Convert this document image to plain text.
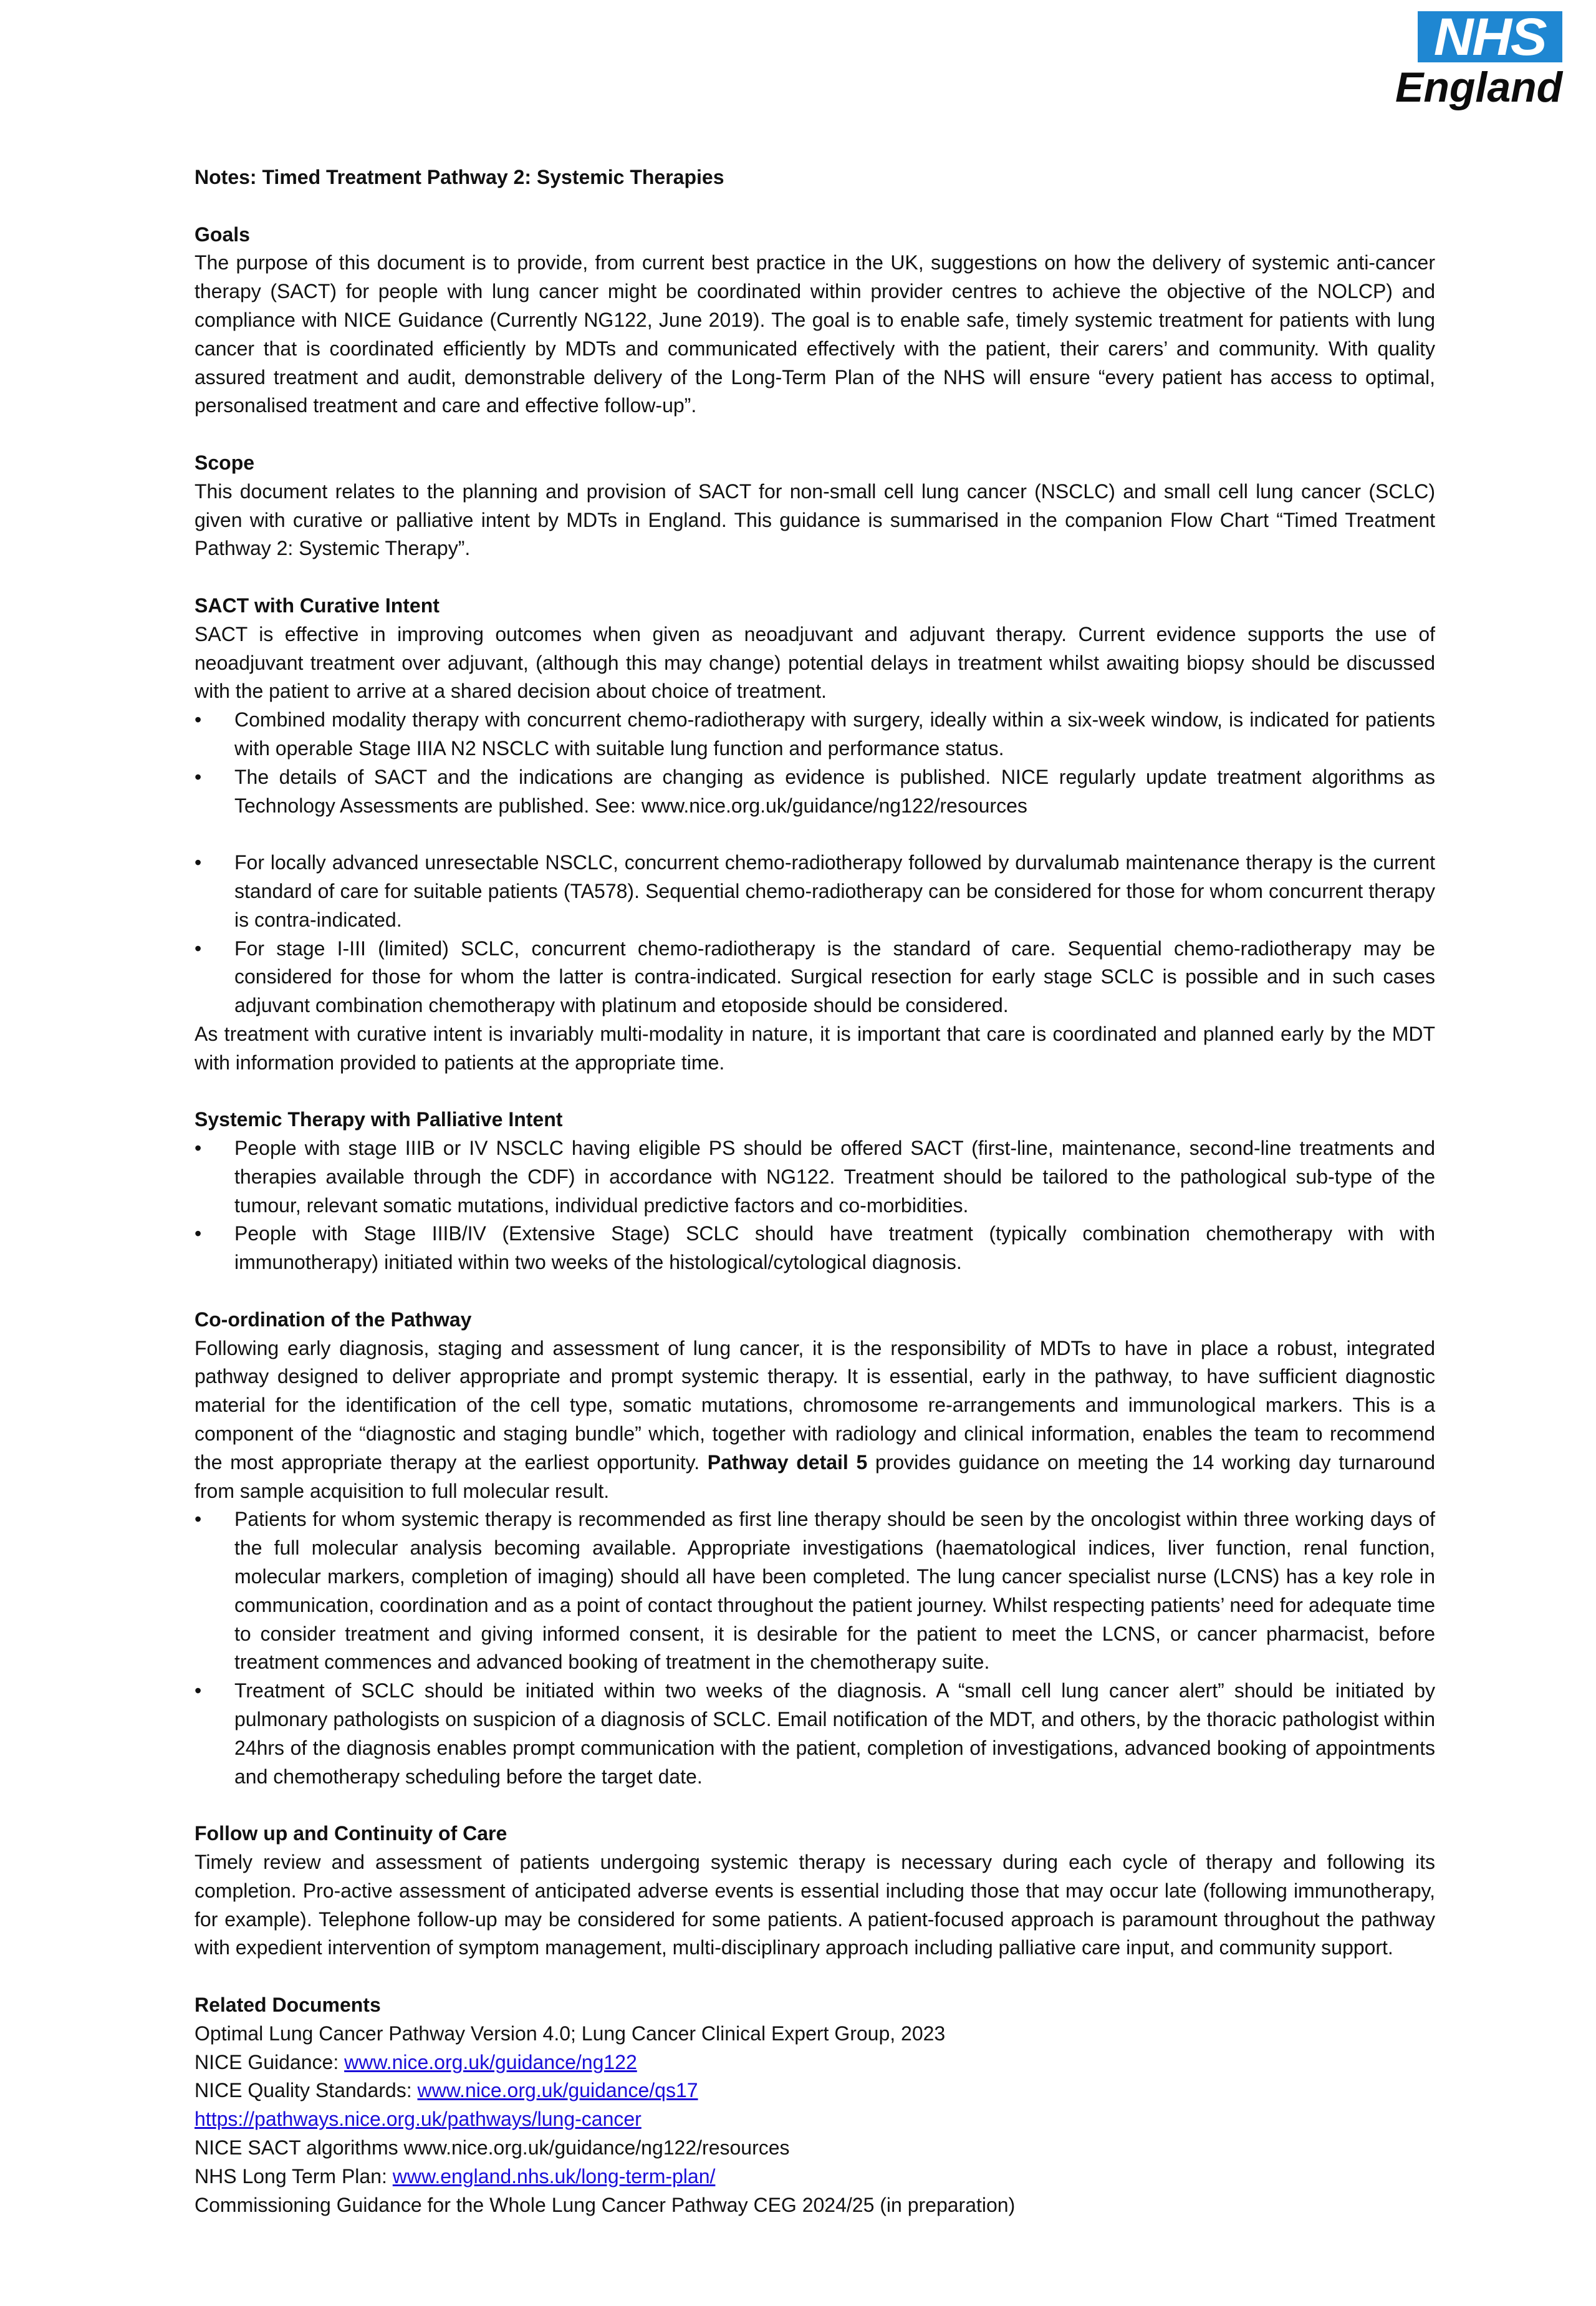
NHS
England
Notes: Timed Treatment Pathway 2: Systemic Therapies
Goals

The purpose of this document is to provide, from current best practice in the UK, suggestions on how the delivery of systemic anti-cancer therapy (SACT) for people with lung cancer might be coordinated within provider centres to achieve the objective of the NOLCP) and compliance with NICE Guidance (Currently NG122, June 2019). The goal is to enable safe, timely systemic treatment for patients with lung cancer that is coordinated efficiently by MDTs and communicated effectively with the patient, their carers’ and community. With quality assured treatment and audit, demonstrable delivery of the Long-Term Plan of the NHS will ensure “every patient has access to optimal, personalised treatment and care and effective follow-up”.

Scope

This document relates to the planning and provision of SACT for non-small cell lung cancer (NSCLC) and small cell lung cancer (SCLC) given with curative or palliative intent by MDTs in England. This guidance is summarised in the companion Flow Chart “Timed Treatment Pathway 2: Systemic Therapy”.

SACT with Curative Intent

SACT is effective in improving outcomes when given as neoadjuvant and adjuvant therapy. Current evidence supports the use of neoadjuvant treatment over adjuvant, (although this may change) potential delays in treatment whilst awaiting biopsy should be discussed with the patient to arrive at a shared decision about choice of treatment.

• Combined modality therapy with concurrent chemo-radiotherapy with surgery, ideally within a six-week window, is indicated for patients with operable Stage IIIA N2 NSCLC with suitable lung function and performance status.
• The details of SACT and the indications are changing as evidence is published. NICE regularly update treatment algorithms as Technology Assessments are published. See: www.nice.org.uk/guidance/ng122/resources
• For locally advanced unresectable NSCLC, concurrent chemo-radiotherapy followed by durvalumab maintenance therapy is the current standard of care for suitable patients (TA578). Sequential chemo-radiotherapy can be considered for those for whom concurrent therapy is contra-indicated.
• For stage I-III (limited) SCLC, concurrent chemo-radiotherapy is the standard of care. Sequential chemo-radiotherapy may be considered for those for whom the latter is contra-indicated. Surgical resection for early stage SCLC is possible and in such cases adjuvant combination chemotherapy with platinum and etoposide should be considered.

As treatment with curative intent is invariably multi-modality in nature, it is important that care is coordinated and planned early by the MDT with information provided to patients at the appropriate time.

Systemic Therapy with Palliative Intent
• People with stage IIIB or IV NSCLC having eligible PS should be offered SACT (first-line, maintenance, second-line treatments and therapies available through the CDF) in accordance with NG122. Treatment should be tailored to the pathological sub-type of the tumour, relevant somatic mutations, individual predictive factors and co-morbidities.
• People with Stage IIIB/IV (Extensive Stage) SCLC should have treatment (typically combination chemotherapy with with immunotherapy) initiated within two weeks of the histological/cytological diagnosis.
Co-ordination of the Pathway

Following early diagnosis, staging and assessment of lung cancer, it is the responsibility of MDTs to have in place a robust, integrated pathway designed to deliver appropriate and prompt systemic therapy. It is essential, early in the pathway, to have sufficient diagnostic material for the identification of the cell type, somatic mutations, chromosome re-arrangements and immunological markers. This is a component of the “diagnostic and staging bundle” which, together with radiology and clinical information, enables the team to recommend the most appropriate therapy at the earliest opportunity. Pathway detail 5 provides guidance on meeting the 14 working day turnaround from sample acquisition to full molecular result.

• Patients for whom systemic therapy is recommended as first line therapy should be seen by the oncologist within three working days of the full molecular analysis becoming available. Appropriate investigations (haematological indices, liver function, renal function, molecular markers, completion of imaging) should all have been completed. The lung cancer specialist nurse (LCNS) has a key role in communication, coordination and as a point of contact throughout the patient journey. Whilst respecting patients’ need for adequate time to consider treatment and giving informed consent, it is desirable for the patient to meet the LCNS, or cancer pharmacist, before treatment commences and advanced booking of treatment in the chemotherapy suite.
• Treatment of SCLC should be initiated within two weeks of the diagnosis. A “small cell lung cancer alert” should be initiated by pulmonary pathologists on suspicion of a diagnosis of SCLC. Email notification of the MDT, and others, by the thoracic pathologist within 24hrs of the diagnosis enables prompt communication with the patient, completion of investigations, advanced booking of appointments and chemotherapy scheduling before the target date.
Follow up and Continuity of Care

Timely review and assessment of patients undergoing systemic therapy is necessary during each cycle of therapy and following its completion. Pro-active assessment of anticipated adverse events is essential including those that may occur late (following immunotherapy, for example). Telephone follow-up may be considered for some patients. A patient-focused approach is paramount throughout the pathway with expedient intervention of symptom management, multi-disciplinary approach including palliative care input, and community support.

Related Documents
Optimal Lung Cancer Pathway Version 4.0; Lung Cancer Clinical Expert Group, 2023
NICE Guidance: www.nice.org.uk/guidance/ng122
NICE Quality Standards: www.nice.org.uk/guidance/qs17
https://pathways.nice.org.uk/pathways/lung-cancer
NICE SACT algorithms www.nice.org.uk/guidance/ng122/resources
NHS Long Term Plan: www.england.nhs.uk/long-term-plan/
Commissioning Guidance for the Whole Lung Cancer Pathway CEG 2024/25 (in preparation)
